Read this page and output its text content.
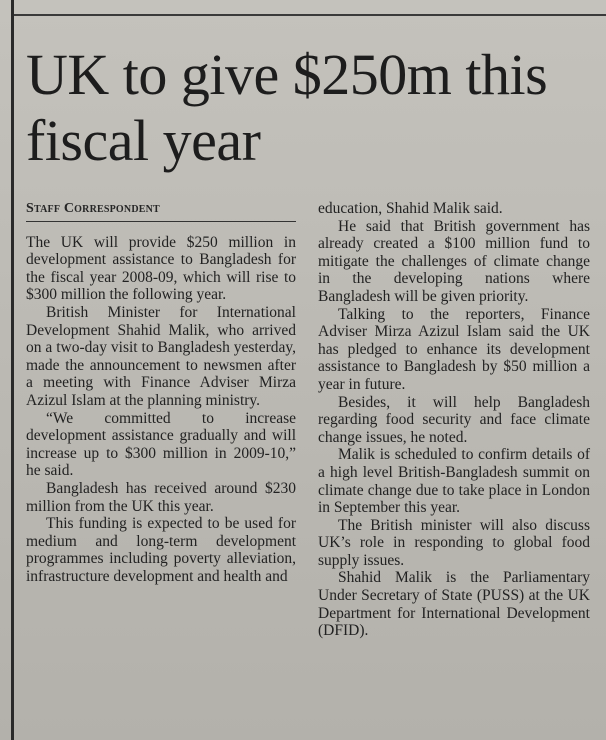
UK to give $250m this fiscal year
Staff Correspondent

The UK will provide $250 million in development assistance to Bangladesh for the fiscal year 2008-09, which will rise to $300 million the following year.

British Minister for International Development Shahid Malik, who arrived on a two-day visit to Bangladesh yesterday, made the announcement to newsmen after a meeting with Finance Adviser Mirza Azizul Islam at the planning ministry.

“We committed to increase development assistance gradually and will increase up to $300 million in 2009-10,” he said.

Bangladesh has received around $230 million from the UK this year.

This funding is expected to be used for medium and long-term development programmes including poverty alleviation, infrastructure development and health and

education, Shahid Malik said.

He said that British government has already created a $100 million fund to mitigate the challenges of climate change in the developing nations where Bangladesh will be given priority.

Talking to the reporters, Finance Adviser Mirza Azizul Islam said the UK has pledged to enhance its development assistance to Bangladesh by $50 million a year in future.

Besides, it will help Bangladesh regarding food security and face climate change issues, he noted.

Malik is scheduled to confirm details of a high level British-Bangladesh summit on climate change due to take place in London in September this year.

The British minister will also discuss UK’s role in responding to global food supply issues.

Shahid Malik is the Parliamentary Under Secretary of State (PUSS) at the UK Department for International Development (DFID).
